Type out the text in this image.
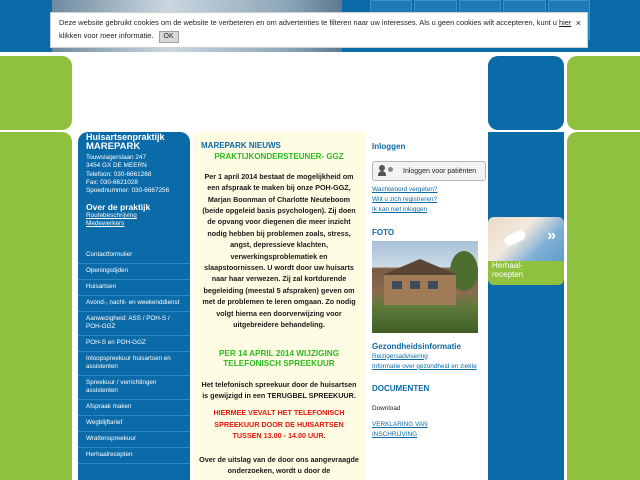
×
Deze website gebruikt cookies om de website te verbeteren en om advertenties te filteren naar uw interesses. Als u geen cookies wilt accepteren, kunt u hier
klikken voor meer informatie. OK
Huisartsenpraktijk
MAREPARK
Touwslagerslaan 247
3454 GX DE MEERN
Telefoon: 030-6661268
Fax: 030-6621028
Spoednummer: 030-6667256
Over de praktijk
Routebeschrijving
Medewerkers
Contactformulier
Openingstijden
Huisartsen
Avond-, nacht- en weekenddienst
Aanwezigheid: ASS / POH-S / POH-GGZ
POH-S en POH-GGZ
Inloopspreekuur huisartsen en assistenten
Spreekuur / verrichtingen assistenten
Afspraak maken
Wegblijftarief
Wrattenspreekuur
Herhaalrecepten
MAREPARK NIEUWS
PRAKTIJKONDERSTEUNER- GGZ
Per 1 april 2014 bestaat de mogelijkheid om een afspraak te maken bij onze POH-GGZ, Marjan Boonman of Charlotte Neuteboom (beide opgeleid basis psychologen). Zij doen de opvang voor diegenen die meer inzicht nodig hebben bij problemen zoals, stress, angst, depressieve klachten, verwerkingsproblematiek en slaapstoornissen. U wordt door uw huisarts naar haar verwezen. Zij zal kortdurende begeleiding (meestal 5 afspraken) geven om met de problemen te leren omgaan. Zo nodig volgt hierna een doorverwijzing voor uitgebreidere behandeling.
PER 14 APRIL 2014 WIJZIGING TELEFONISCH SPREEKUUR
Het telefonisch spreekuur door de huisartsen is gewijzigd in een TERUGBEL SPREEKUUR.
HIERMEE VEVALT HET TELEFONISCH SPREEKUUR DOOR DE HUISARTSEN TUSSEN 13.00 - 14.00 UUR.
Over de uitslag van de door ons aangevraagde onderzoeken, wordt u door de
Inloggen
Inloggen voor patiënten
Wachtwoord vergeten?
Wilt u zich registreren?
Ik kan niet inloggen
FOTO
Gezondheidsinformatie
Reizigersadvisering
Informatie over gezondheid en ziekte
DOCUMENTEN
Download
VERKLARING VAN INSCHRIJVING
»
Herhaal-recepten
